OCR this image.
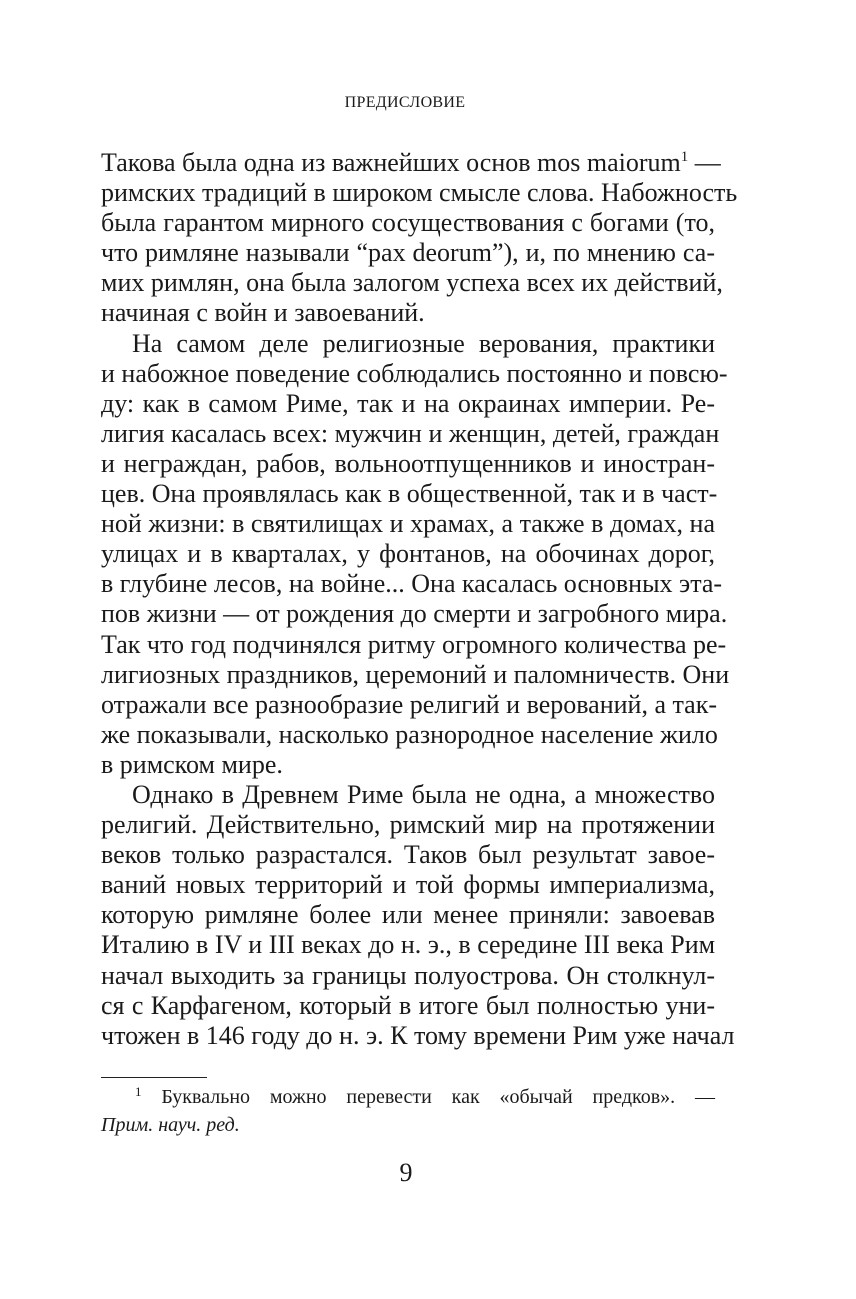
ПРЕДИСЛОВИЕ
Такова была одна из важнейших основ mos maiorum$^1$ —
римских традиций в широком смысле слова. Набожность
была гарантом мирного сосуществования с богами (то,
что римляне называли “pax deorum”), и, по мнению са-
мих римлян, она была залогом успеха всех их действий,
начиная с войн и завоеваний.
На самом деле религиозные верования, практики
и набожное поведение соблюдались постоянно и повсю-
ду: как в самом Риме, так и на окраинах империи. Ре-
лигия касалась всех: мужчин и женщин, детей, граждан
и неграждан, рабов, вольноотпущенников и иностран-
цев. Она проявлялась как в общественной, так и в част-
ной жизни: в святилищах и храмах, а также в домах, на
улицах и в кварталах, у фонтанов, на обочинах дорог,
в глубине лесов, на войне... Она касалась основных эта-
пов жизни — от рождения до смерти и загробного мира.
Так что год подчинялся ритму огромного количества ре-
лигиозных праздников, церемоний и паломничеств. Они
отражали все разнообразие религий и верований, а так-
же показывали, насколько разнородное население жило
в римском мире.
Однако в Древнем Риме была не одна, а множество
религий. Действительно, римский мир на протяжении
веков только разрастался. Таков был результат завое-
ваний новых территорий и той формы империализма,
которую римляне более или менее приняли: завоевав
Италию в IV и III веках до н. э., в середине III века Рим
начал выходить за границы полуострова. Он столкнул-
ся с Карфагеном, который в итоге был полностью уни-
чтожен в 146 году до н. э. К тому времени Рим уже начал
$^1$ Буквально можно перевести как «обычай предков». —
Прим. науч. ред.
9
